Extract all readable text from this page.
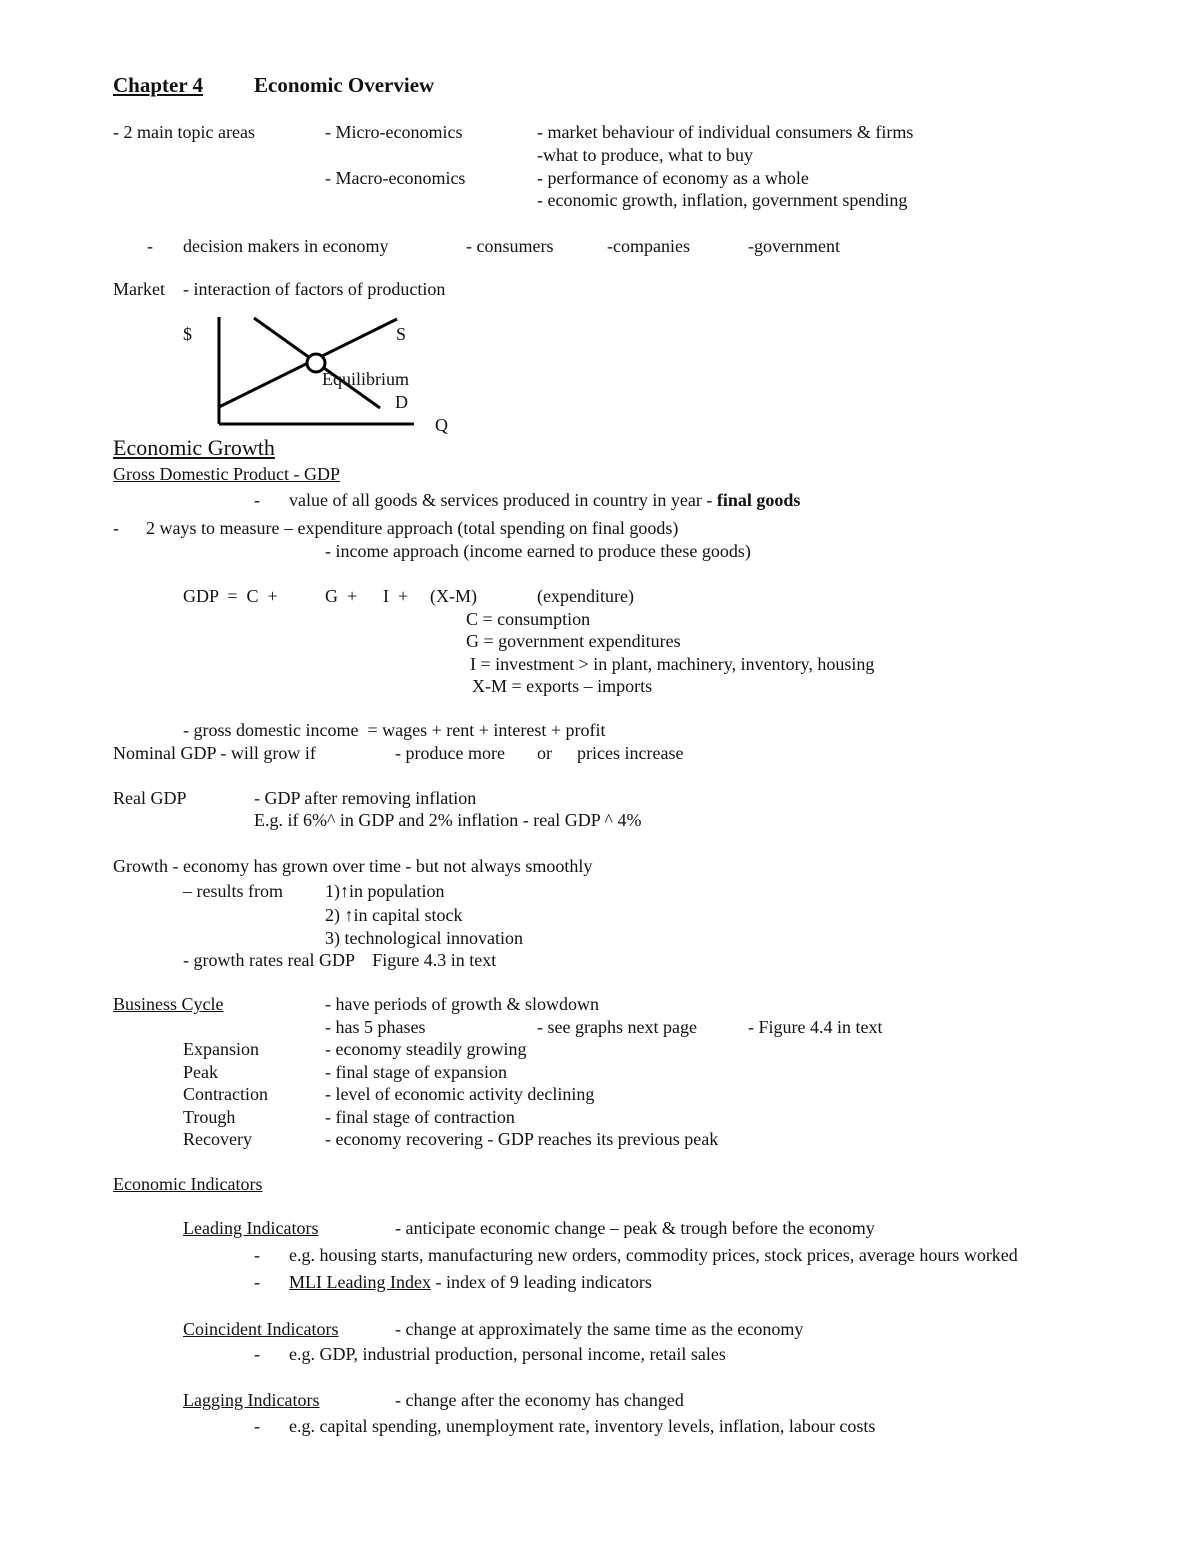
Chapter 4 Economic Overview
- 2 main topic areas	- Micro-economics	- market behaviour of individual consumers & firms
-what to produce, what to buy
- Macro-economics	- performance of economy as a whole
- economic growth, inflation, government spending
- decision makers in economy	- consumers	-companies	-government
Market - interaction of factors of production
$	S
Equilibrium
D
Q
Economic Growth
Gross Domestic Product - GDP
- value of all goods & services produced in country in year - final goods
-      2 ways to measure – expenditure approach (total spending on final goods)
- income approach (income earned to produce these goods)
GDP  =  C  +	G  + I  + (X-M)	(expenditure)
C = consumption
G = government expenditures
I = investment > in plant, machinery, inventory, housing
X-M = exports – imports
- gross domestic income  = wages + rent + interest + profit
Nominal GDP - will grow if	- produce more or prices increase
Real GDP	- GDP after removing inflation
E.g. if 6%^ in GDP and 2% inflation - real GDP ^ 4%
Growth - economy has grown over time - but not always smoothly
– results from 1)↑in population
2) ↑in capital stock
3) technological innovation
- growth rates real GDP    Figure 4.3 in text
Business Cycle	- have periods of growth & slowdown
- has 5 phases	- see graphs next page	- Figure 4.4 in text
Expansion	- economy steadily growing
Peak	- final stage of expansion
Contraction	- level of economic activity declining
Trough	- final stage of contraction
Recovery	- economy recovering - GDP reaches its previous peak
Economic Indicators
Leading Indicators	- anticipate economic change – peak & trough before the economy
- e.g. housing starts, manufacturing new orders, commodity prices, stock prices, average hours worked
- MLI Leading Index - index of 9 leading indicators
Coincident Indicators	- change at approximately the same time as the economy
- e.g. GDP, industrial production, personal income, retail sales
Lagging Indicators	- change after the economy has changed
- e.g. capital spending, unemployment rate, inventory levels, inflation, labour costs
